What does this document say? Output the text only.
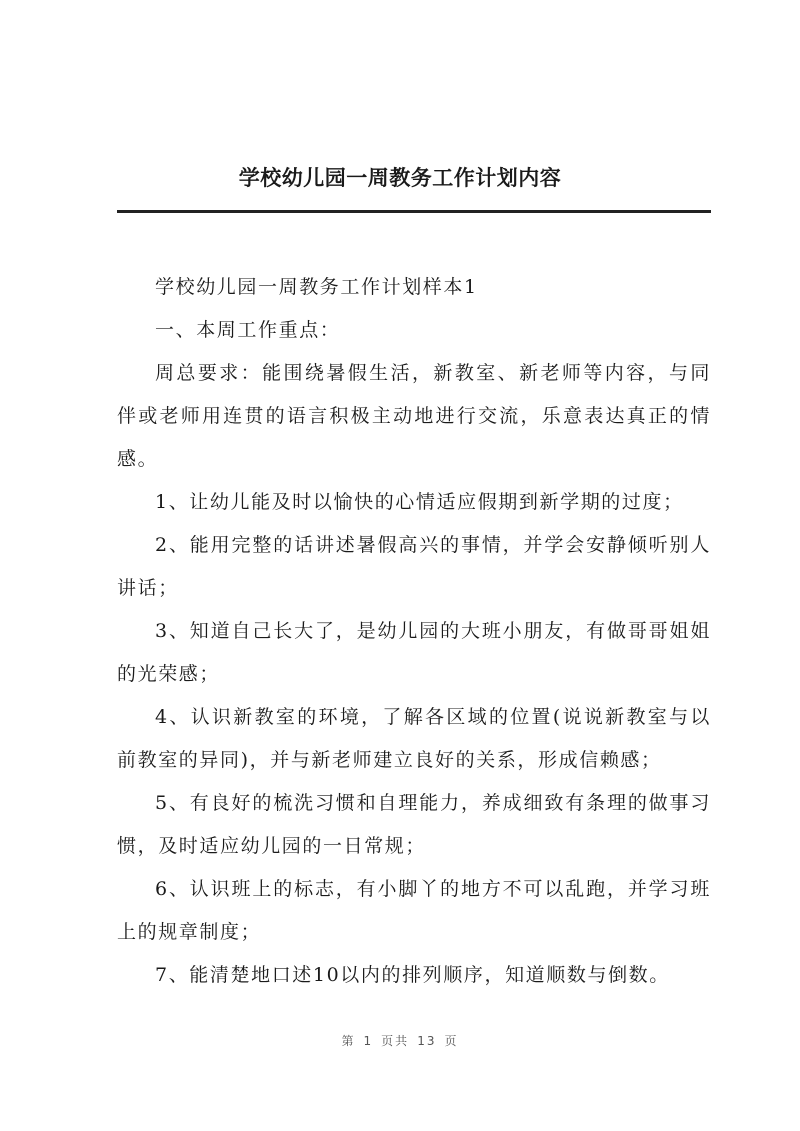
学校幼儿园一周教务工作计划内容

学校幼儿园一周教务工作计划样本1

一、本周工作重点：

周总要求：能围绕暑假生活，新教室、新老师等内容，与同伴或老师用连贯的语言积极主动地进行交流，乐意表达真正的情感。

1、让幼儿能及时以愉快的心情适应假期到新学期的过度；

2、能用完整的话讲述暑假高兴的事情，并学会安静倾听别人讲话；

3、知道自己长大了，是幼儿园的大班小朋友，有做哥哥姐姐的光荣感；

4、认识新教室的环境，了解各区域的位置(说说新教室与以前教室的异同)，并与新老师建立良好的关系，形成信赖感；

5、有良好的梳洗习惯和自理能力，养成细致有条理的做事习惯，及时适应幼儿园的一日常规；

6、认识班上的标志，有小脚丫的地方不可以乱跑，并学习班上的规章制度；

7、能清楚地口述10以内的排列顺序，知道顺数与倒数。

第 1 页共 13 页
